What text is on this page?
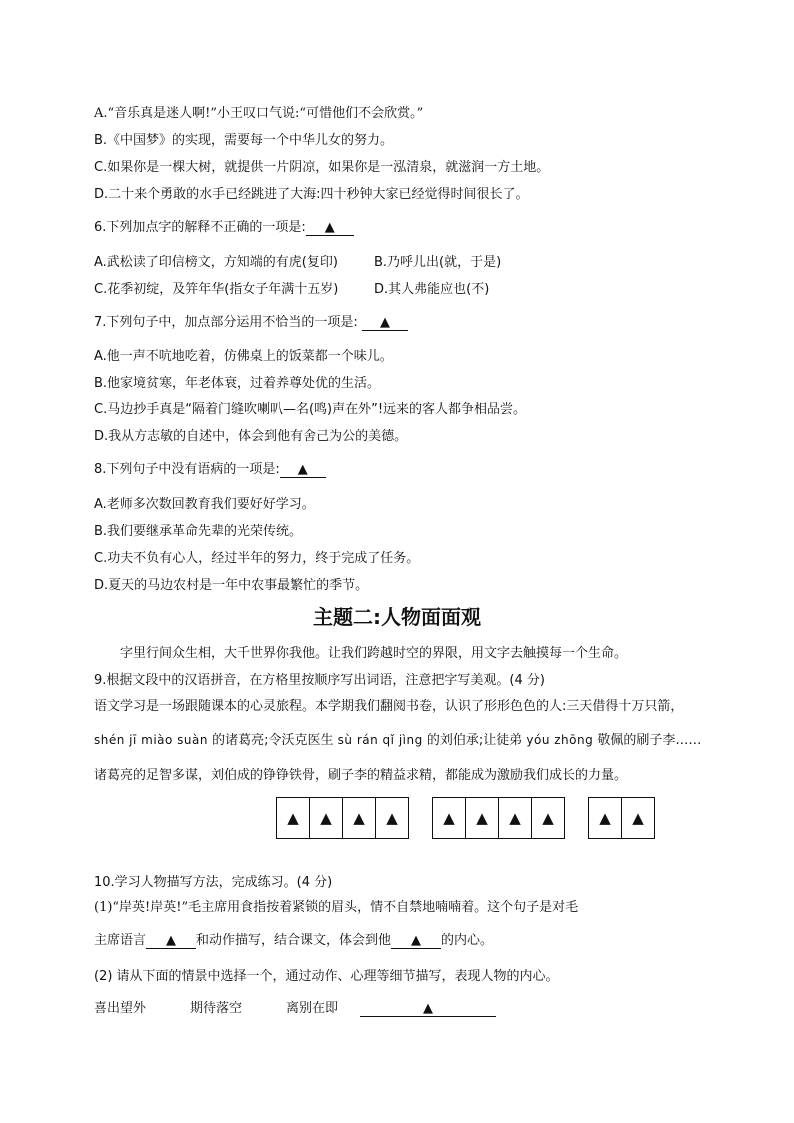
A.“音乐真是迷人啊!”小王叹口气说:“可惜他们不会欣赏。”
B.《中国梦》的实现，需要每一个中华儿女的努力。
C.如果你是一棵大树，就提供一片阴凉，如果你是一泓清泉，就滋润一方土地。
D.二十来个勇敢的水手已经跳进了大海:四十秒钟大家已经觉得时间很长了。
6.下列加点字的解释不正确的一项是: ▲
A.武松读了印信榜文，方知端的有虎(复印)	B.乃呼儿出(就，于是)
C.花季初绽，及笄年华(指女子年满十五岁)	D.其人弗能应也(不)
7.下列句子中，加点部分运用不恰当的一项是: ▲
A.他一声不吭地吃着，仿佛桌上的饭菜都一个味儿。
B.他家境贫寒，年老体衰，过着养尊处优的生活。
C.马边抄手真是“隔着门缝吹喇叭—名(鸣)声在外”!远来的客人都争相品尝。
D.我从方志敏的自述中，体会到他有舍己为公的美德。
8.下列句子中没有语病的一项是: ▲
A.老师多次数回教育我们要好好学习。
B.我们要继承革命先辈的光荣传统。
C.功夫不负有心人，经过半年的努力，终于完成了任务。
D.夏天的马边农村是一年中农事最繁忙的季节。
主题二:人物面面观
字里行间众生相，大千世界你我他。让我们跨越时空的界限，用文字去触摸每一个生命。
9.根据文段中的汉语拼音，在方格里按顺序写出词语，注意把字写美观。(4 分)
语文学习是一场跟随课本的心灵旅程。本学期我们翻阅书卷，认识了形形色色的人:三天借得十万只箭，
shén jī miào suàn 的诸葛亮;令沃克医生 sù rán qǐ jìng 的刘伯承;让徒弟 yóu zhōng 敬佩的刷子李……
诸葛亮的足智多谋，刘伯成的铮铮铁骨，刷子李的精益求精，都能成为激励我们成长的力量。
▲	▲	▲	▲	▲	▲	▲	▲	▲	▲
10.学习人物描写方法，完成练习。(4 分)
(1)“岸英!岸英!”毛主席用食指按着紧锁的眉头，情不自禁地喃喃着。这个句子是对毛
主席语言 ▲ 和动作描写，结合课文，体会到他 ▲ 的内心。
(2) 请从下面的情景中选择一个，通过动作、心理等细节描写，表现人物的内心。
喜出望外	期待落空	离别在即	▲
